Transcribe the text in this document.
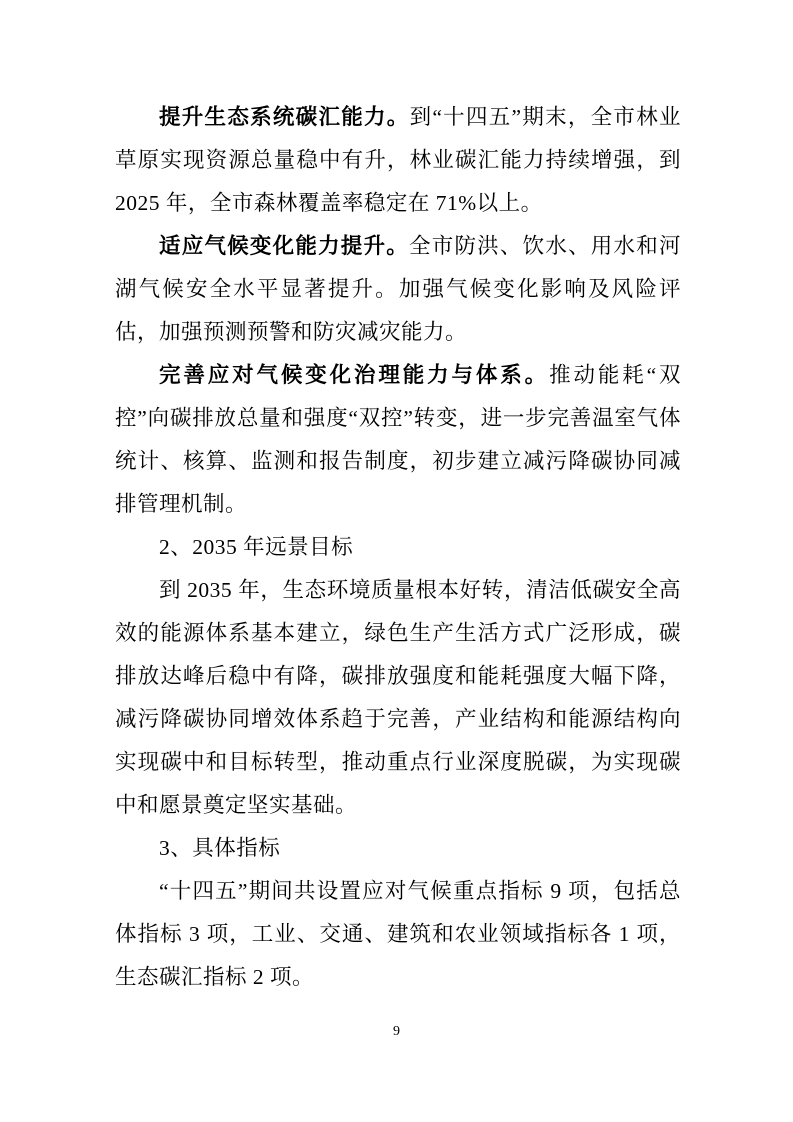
提升生态系统碳汇能力。到“十四五”期末，全市林业草原实现资源总量稳中有升，林业碳汇能力持续增强，到 2025 年，全市森林覆盖率稳定在 71%以上。

适应气候变化能力提升。全市防洪、饮水、用水和河湖气候安全水平显著提升。加强气候变化影响及风险评估，加强预测预警和防灾减灾能力。

完善应对气候变化治理能力与体系。推动能耗“双控”向碳排放总量和强度“双控”转变，进一步完善温室气体统计、核算、监测和报告制度，初步建立减污降碳协同减排管理机制。

2、2035 年远景目标

到 2035 年，生态环境质量根本好转，清洁低碳安全高效的能源体系基本建立，绿色生产生活方式广泛形成，碳排放达峰后稳中有降，碳排放强度和能耗强度大幅下降，减污降碳协同增效体系趋于完善，产业结构和能源结构向实现碳中和目标转型，推动重点行业深度脱碳，为实现碳中和愿景奠定坚实基础。

3、具体指标

“十四五”期间共设置应对气候重点指标 9 项，包括总体指标 3 项，工业、交通、建筑和农业领域指标各 1 项，生态碳汇指标 2 项。

9
